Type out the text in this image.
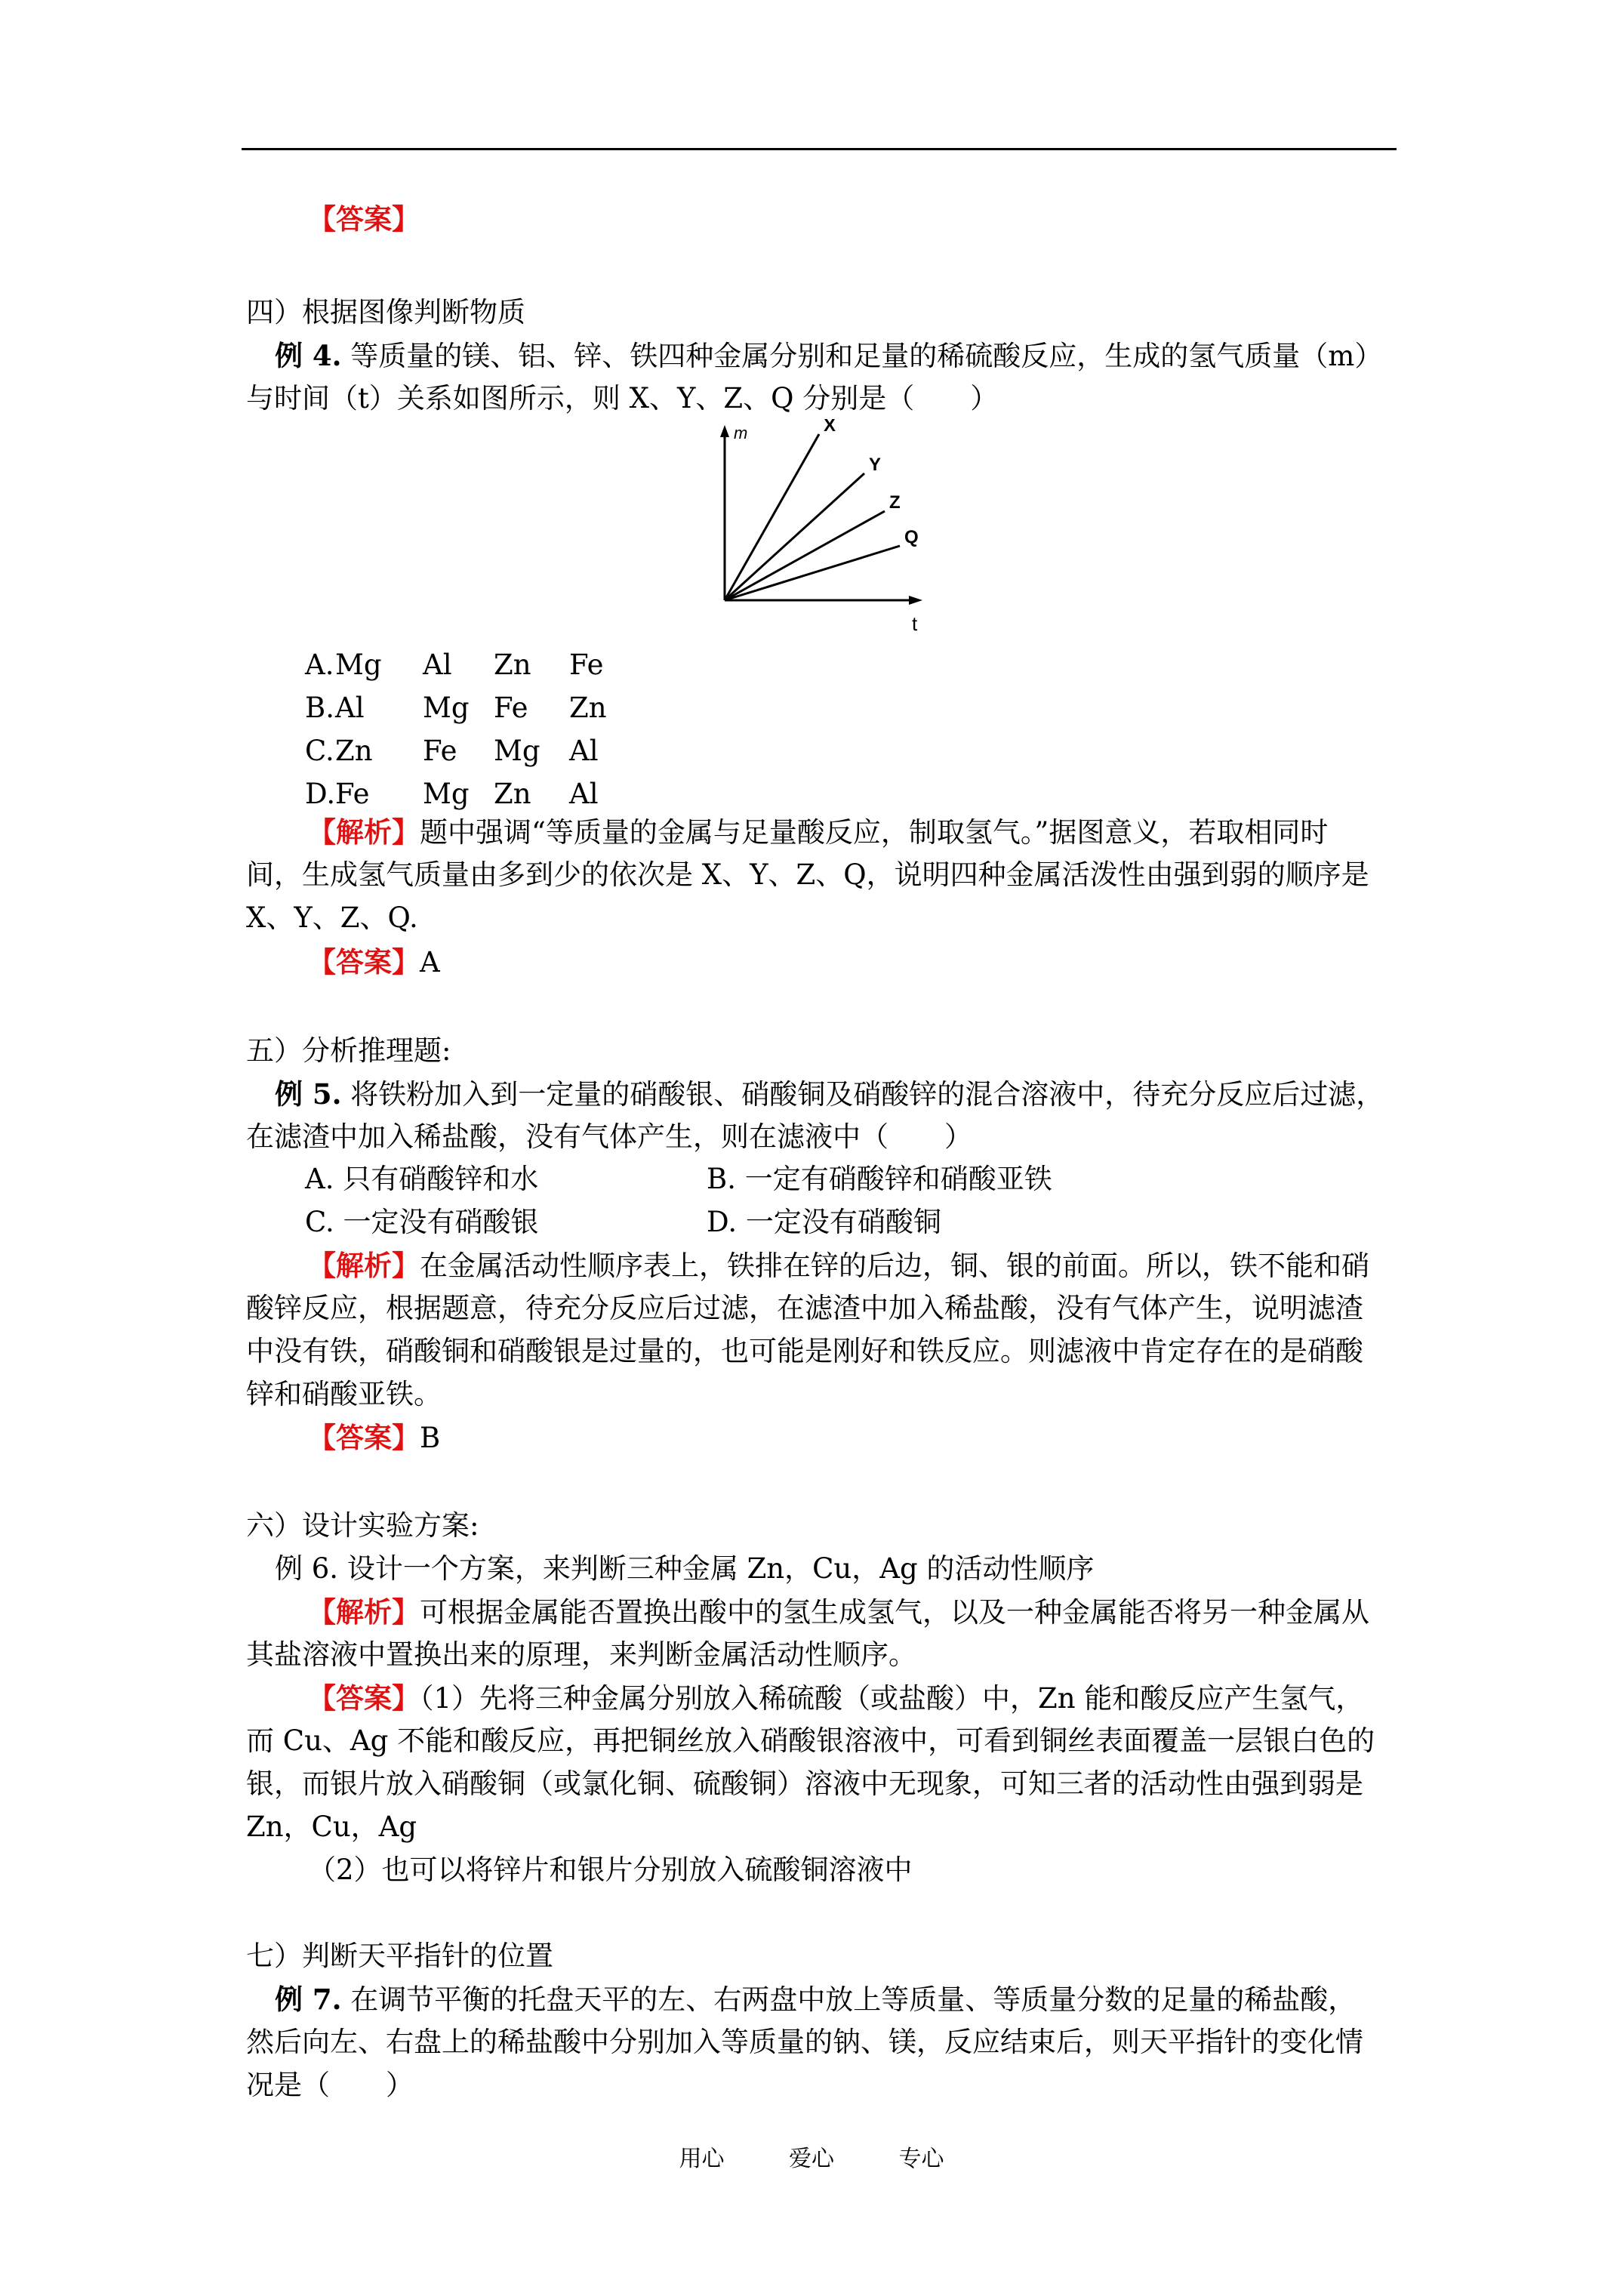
【答案】
四）根据图像判断物质
例 4. 等质量的镁、铝、锌、铁四种金属分别和足量的稀硫酸反应，生成的氢气质量（m）
与时间（t）关系如图所示，则 X、Y、Z、Q 分别是（　　）
m
t
X
Y
Z
Q
A. Mg Al Zn Fe
B. Al Mg Fe Zn
C. Zn Fe Mg Al
D. Fe Mg Zn Al
【解析】题中强调“等质量的金属与足量酸反应，制取氢气。”据图意义，若取相同时
间，生成氢气质量由多到少的依次是 X、Y、Z、Q，说明四种金属活泼性由强到弱的顺序是
X、Y、Z、Q.
【答案】A
五）分析推理题:
例 5. 将铁粉加入到一定量的硝酸银、硝酸铜及硝酸锌的混合溶液中，待充分反应后过滤，
在滤渣中加入稀盐酸，没有气体产生，则在滤液中（　　）
A. 只有硝酸锌和水	B. 一定有硝酸锌和硝酸亚铁
C. 一定没有硝酸银	D. 一定没有硝酸铜
【解析】在金属活动性顺序表上，铁排在锌的后边，铜、银的前面。所以，铁不能和硝
酸锌反应，根据题意，待充分反应后过滤，在滤渣中加入稀盐酸，没有气体产生，说明滤渣
中没有铁，硝酸铜和硝酸银是过量的，也可能是刚好和铁反应。则滤液中肯定存在的是硝酸
锌和硝酸亚铁。
【答案】B
六）设计实验方案:
例 6. 设计一个方案，来判断三种金属 Zn，Cu，Ag 的活动性顺序
【解析】可根据金属能否置换出酸中的氢生成氢气，以及一种金属能否将另一种金属从
其盐溶液中置换出来的原理，来判断金属活动性顺序。
【答案】（1）先将三种金属分别放入稀硫酸（或盐酸）中，Zn 能和酸反应产生氢气，
而 Cu、Ag 不能和酸反应，再把铜丝放入硝酸银溶液中，可看到铜丝表面覆盖一层银白色的
银，而银片放入硝酸铜（或氯化铜、硫酸铜）溶液中无现象，可知三者的活动性由强到弱是
Zn，Cu，Ag
（2）也可以将锌片和银片分别放入硫酸铜溶液中
七）判断天平指针的位置
例 7. 在调节平衡的托盘天平的左、右两盘中放上等质量、等质量分数的足量的稀盐酸，
然后向左、右盘上的稀盐酸中分别加入等质量的钠、镁，反应结束后，则天平指针的变化情
况是（　　）
用心	爱心	专心
